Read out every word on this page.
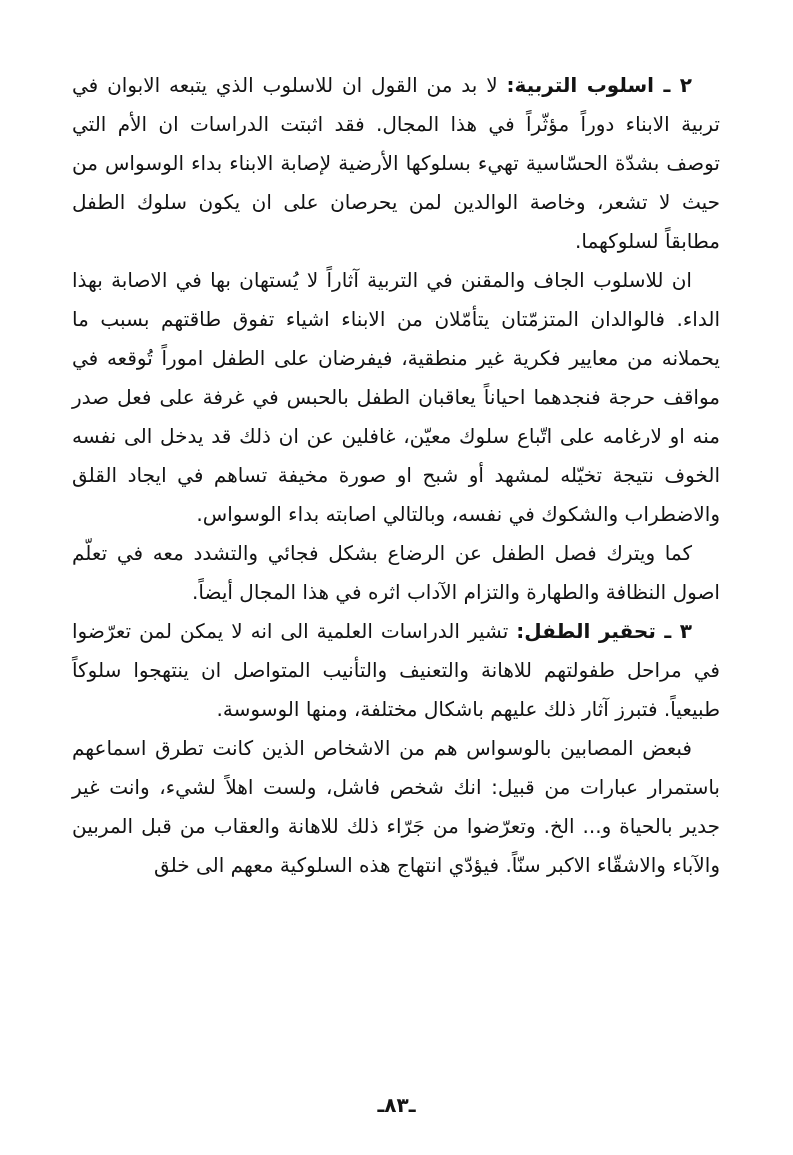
٢ ـ اسلوب التربية: لا بد من القول ان للاسلوب الذي يتبعه الابوان في تربية الابناء دوراً مؤثّراً في هذا المجال. فقد اثبتت الدراسات ان الأم التي توصف بشدّة الحسّاسية تهيء بسلوكها الأرضية لإصابة الابناء بداء الوسواس من حيث لا تشعر، وخاصة الوالدين لمن يحرصان على ان يكون سلوك الطفل مطابقاً لسلوكهما.

ان للاسلوب الجاف والمقنن في التربية آثاراً لا يُستهان بها في الاصابة بهذا الداء. فالوالدان المتزمّتان يتأمّلان من الابناء اشياء تفوق طاقتهم بسبب ما يحملانه من معايير فكرية غير منطقية، فيفرضان على الطفل اموراً تُوقعه في مواقف حرجة فنجدهما احياناً يعاقبان الطفل بالحبس في غرفة على فعل صدر منه او لارغامه على اتّباع سلوك معيّن، غافلين عن ان ذلك قد يدخل الى نفسه الخوف نتيجة تخيّله لمشهد أو شبح او صورة مخيفة تساهم في ايجاد القلق والاضطراب والشكوك في نفسه، وبالتالي اصابته بداء الوسواس.

كما ويترك فصل الطفل عن الرضاع بشكل فجائي والتشدد معه في تعلّم اصول النظافة والطهارة والتزام الآداب اثره في هذا المجال أيضاً.

٣ ـ تحقير الطفل: تشير الدراسات العلمية الى انه لا يمكن لمن تعرّضوا في مراحل طفولتهم للاهانة والتعنيف والتأنيب المتواصل ان ينتهجوا سلوكاً طبيعياً. فتبرز آثار ذلك عليهم باشكال مختلفة، ومنها الوسوسة.

فبعض المصابين بالوسواس هم من الاشخاص الذين كانت تطرق اسماعهم باستمرار عبارات من قبيل: انك شخص فاشل، ولست اهلاً لشيء، وانت غير جدير بالحياة و... الخ. وتعرّضوا من جَرّاء ذلك للاهانة والعقاب من قبل المربين والآباء والاشقّاء الاكبر سنّاً. فيؤدّي انتهاج هذه السلوكية معهم الى خلق

ـ٨٣ـ
